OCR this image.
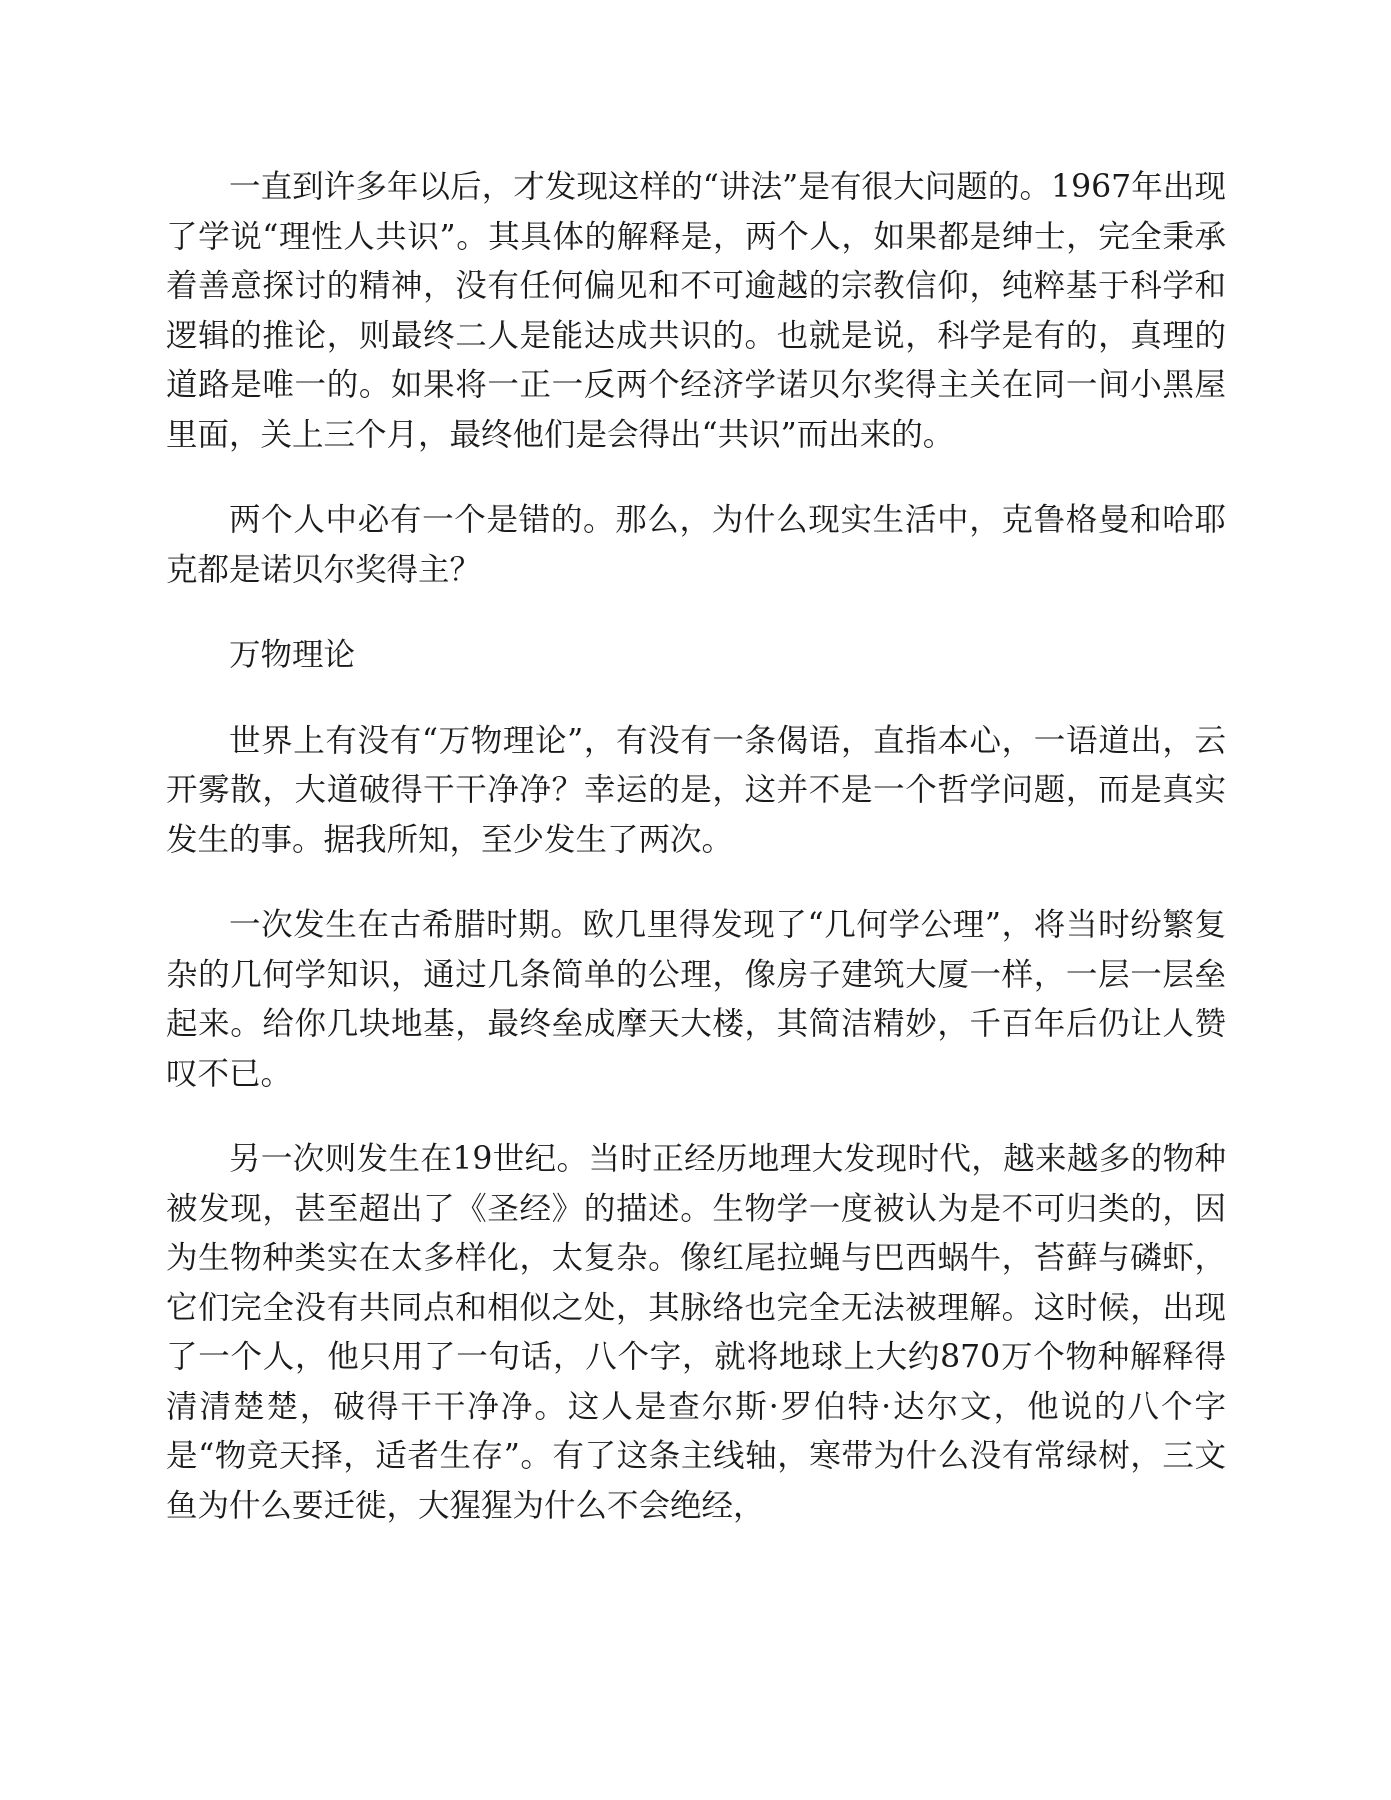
一直到许多年以后，才发现这样的“讲法”是有很大问题的。1967年出现了学说“理性人共识”。其具体的解释是，两个人，如果都是绅士，完全秉承着善意探讨的精神，没有任何偏见和不可逾越的宗教信仰，纯粹基于科学和逻辑的推论，则最终二人是能达成共识的。也就是说，科学是有的，真理的道路是唯一的。如果将一正一反两个经济学诺贝尔奖得主关在同一间小黑屋里面，关上三个月，最终他们是会得出“共识”而出来的。

两个人中必有一个是错的。那么，为什么现实生活中，克鲁格曼和哈耶克都是诺贝尔奖得主？

万物理论

世界上有没有“万物理论”，有没有一条偈语，直指本心，一语道出，云开雾散，大道破得干干净净？幸运的是，这并不是一个哲学问题，而是真实发生的事。据我所知，至少发生了两次。

一次发生在古希腊时期。欧几里得发现了“几何学公理”，将当时纷繁复杂的几何学知识，通过几条简单的公理，像房子建筑大厦一样，一层一层垒起来。给你几块地基，最终垒成摩天大楼，其简洁精妙，千百年后仍让人赞叹不已。

另一次则发生在19世纪。当时正经历地理大发现时代，越来越多的物种被发现，甚至超出了《圣经》的描述。生物学一度被认为是不可归类的，因为生物种类实在太多样化，太复杂。像红尾拉蝇与巴西蜗牛，苔藓与磷虾，它们完全没有共同点和相似之处，其脉络也完全无法被理解。这时候，出现了一个人，他只用了一句话，八个字，就将地球上大约870万个物种解释得清清楚楚，破得干干净净。这人是查尔斯·罗伯特·达尔文，他说的八个字是“物竞天择，适者生存”。有了这条主线轴，寒带为什么没有常绿树，三文鱼为什么要迁徙，大猩猩为什么不会绝经，
